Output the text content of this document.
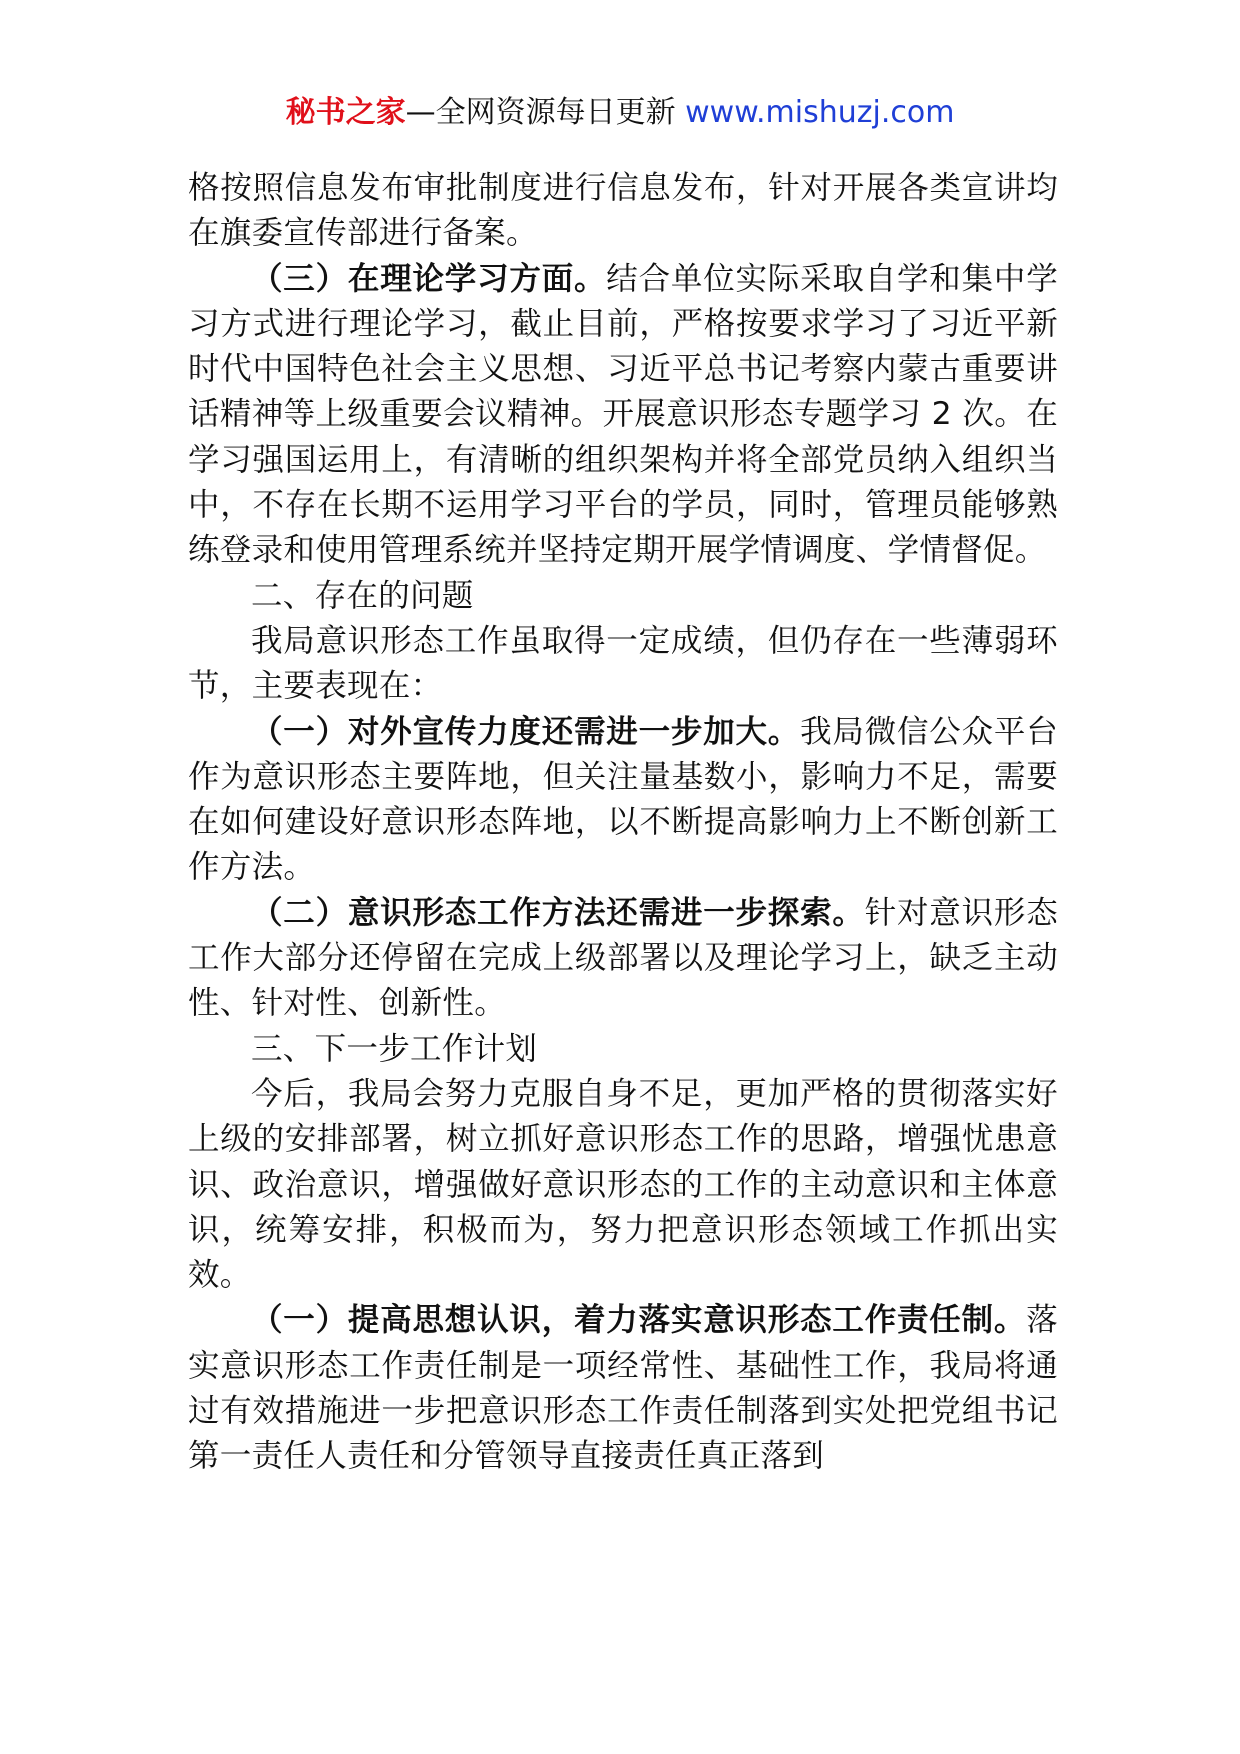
秘书之家—全网资源每日更新 www.mishuzj.com

格按照信息发布审批制度进行信息发布，针对开展各类宣讲均在旗委宣传部进行备案。

（三）在理论学习方面。结合单位实际采取自学和集中学习方式进行理论学习，截止目前，严格按要求学习了习近平新时代中国特色社会主义思想、习近平总书记考察内蒙古重要讲话精神等上级重要会议精神。开展意识形态专题学习 2 次。在学习强国运用上，有清晰的组织架构并将全部党员纳入组织当中，不存在长期不运用学习平台的学员，同时，管理员能够熟练登录和使用管理系统并坚持定期开展学情调度、学情督促。

二、存在的问题

我局意识形态工作虽取得一定成绩，但仍存在一些薄弱环节，主要表现在：

（一）对外宣传力度还需进一步加大。我局微信公众平台作为意识形态主要阵地，但关注量基数小，影响力不足，需要在如何建设好意识形态阵地，以不断提高影响力上不断创新工作方法。

（二）意识形态工作方法还需进一步探索。针对意识形态工作大部分还停留在完成上级部署以及理论学习上，缺乏主动性、针对性、创新性。

三、下一步工作计划

今后，我局会努力克服自身不足，更加严格的贯彻落实好上级的安排部署，树立抓好意识形态工作的思路，增强忧患意识、政治意识，增强做好意识形态的工作的主动意识和主体意识，统筹安排，积极而为，努力把意识形态领域工作抓出实效。

（一）提高思想认识，着力落实意识形态工作责任制。落实意识形态工作责任制是一项经常性、基础性工作，我局将通过有效措施进一步把意识形态工作责任制落到实处把党组书记第一责任人责任和分管领导直接责任真正落到
